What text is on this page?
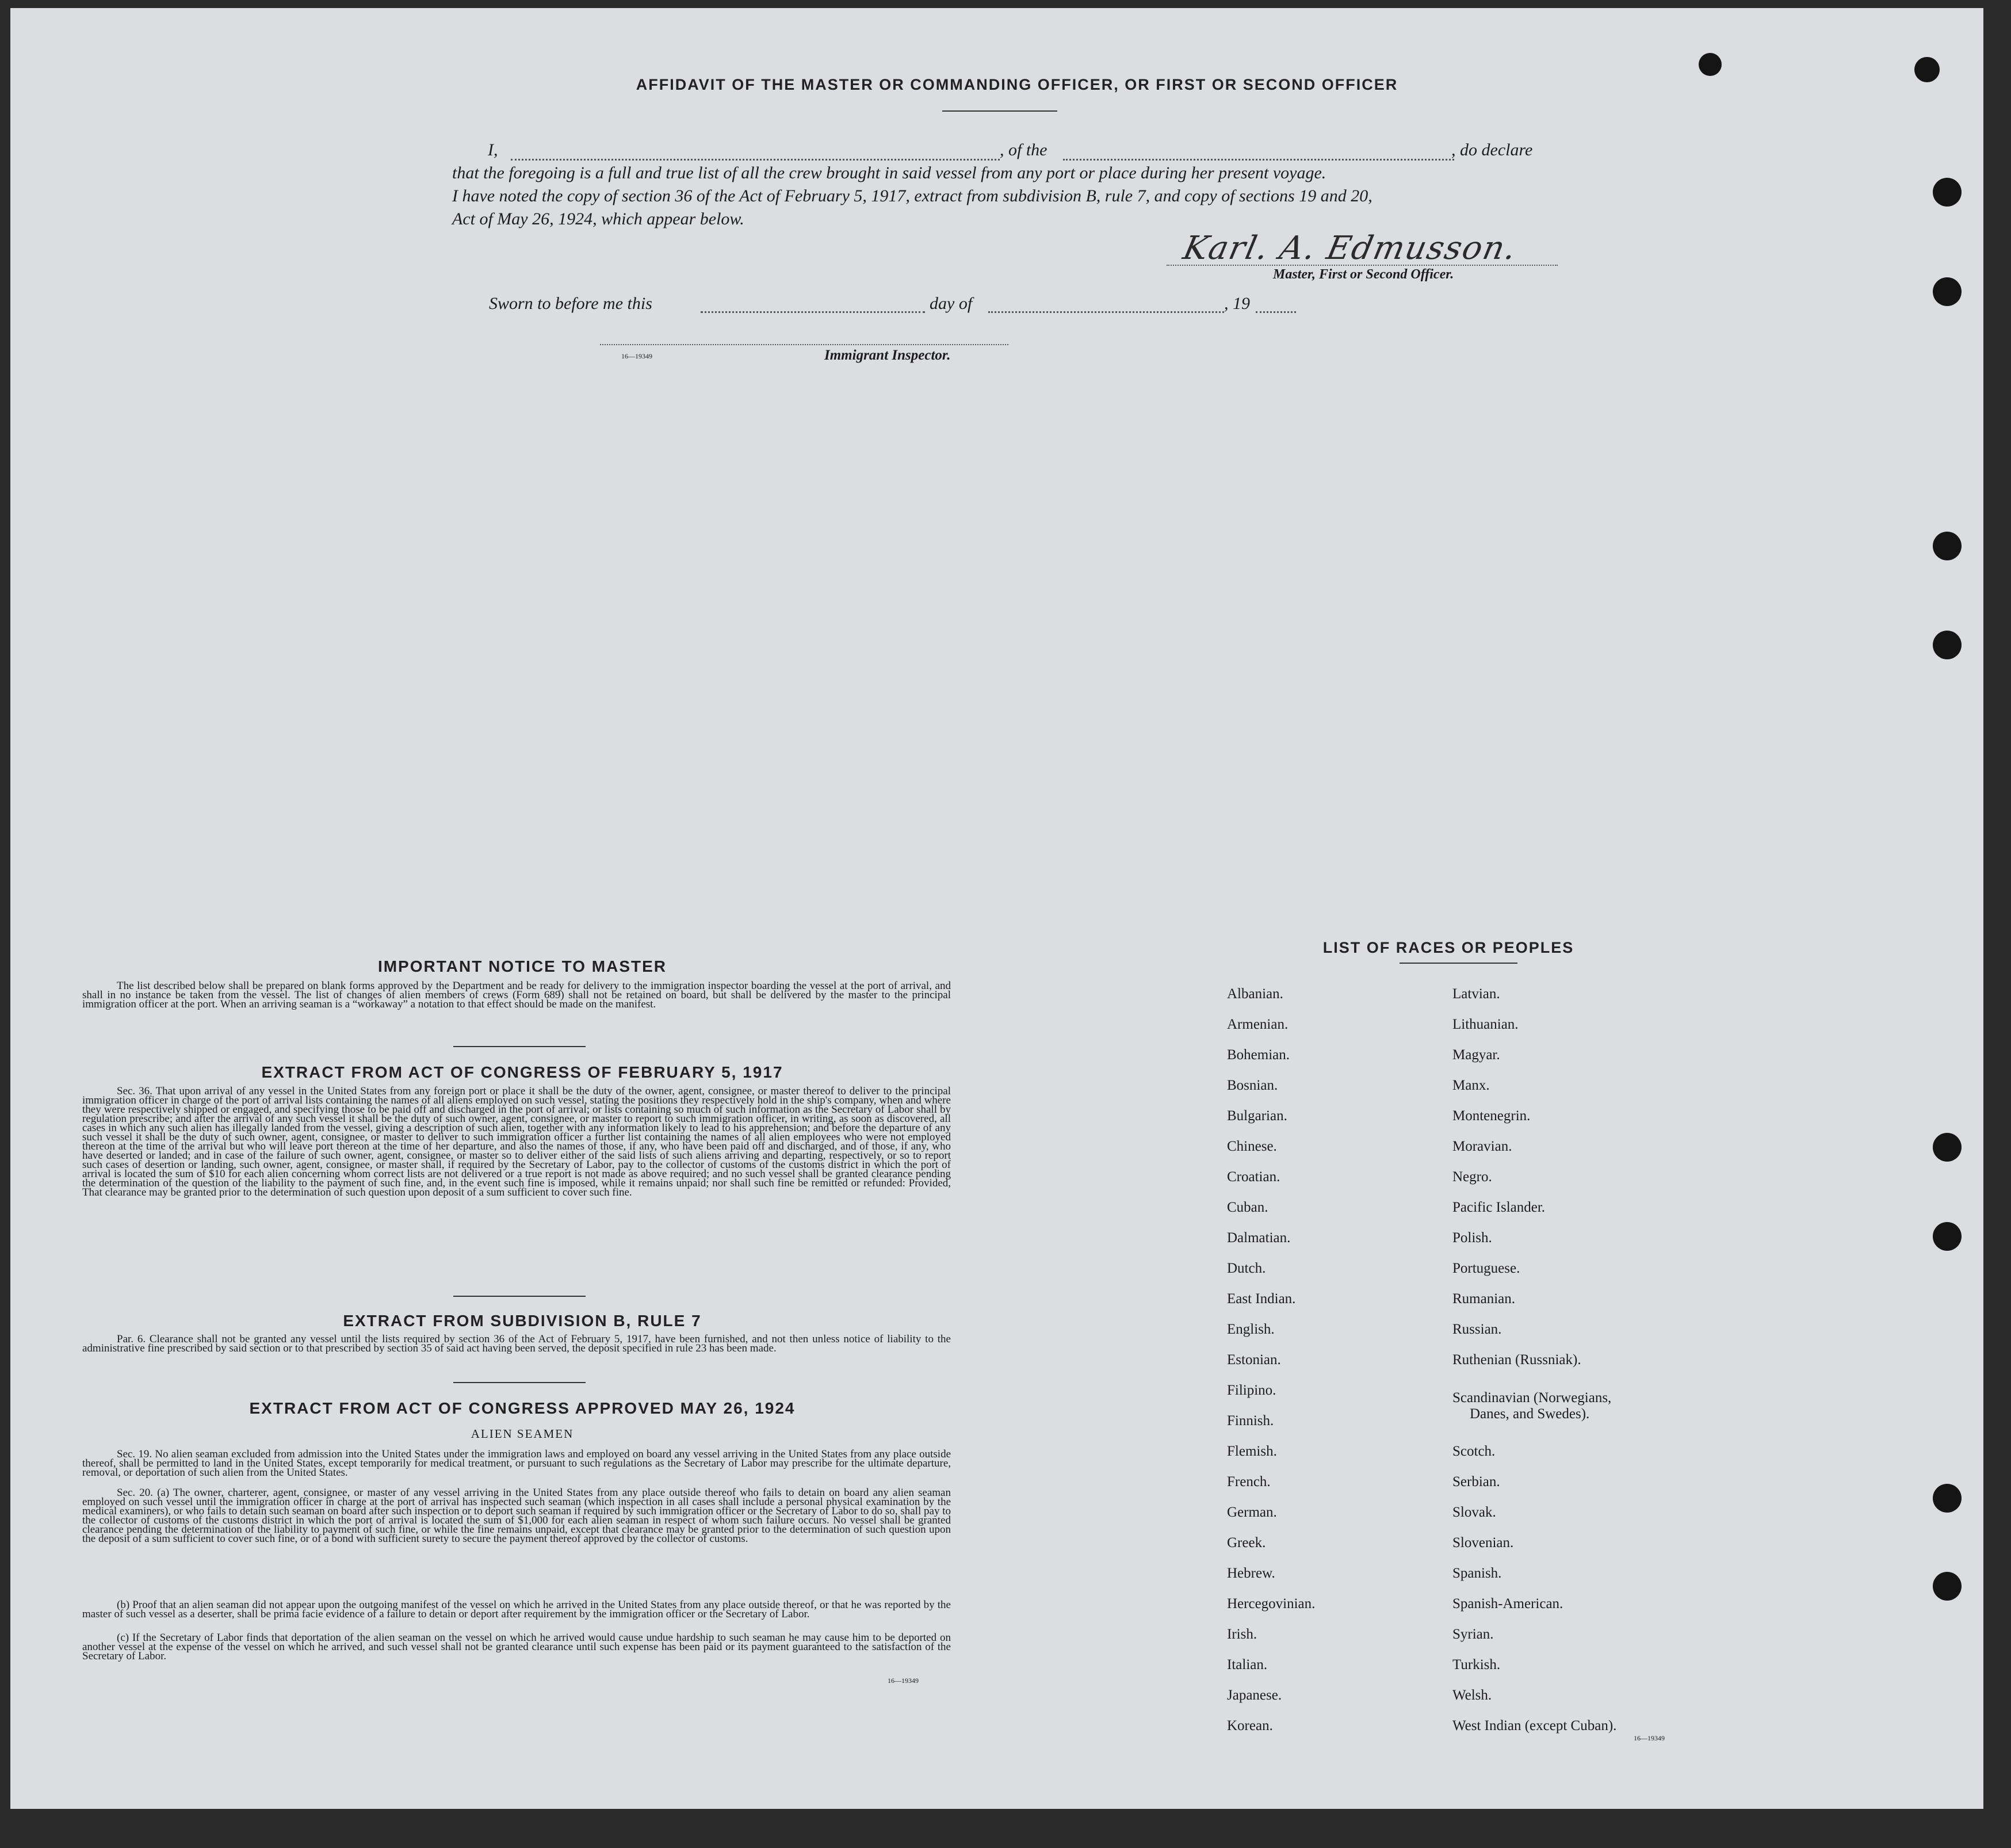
AFFIDAVIT OF THE MASTER OR COMMANDING OFFICER, OR FIRST OR SECOND OFFICER
I,	, of the	, do declare
that the foregoing is a full and true list of all the crew brought in said vessel from any port or place during her present voyage.
I have noted the copy of section 36 of the Act of February 5, 1917, extract from subdivision B, rule 7, and copy of sections 19 and 20,
Act of May 26, 1924, which appear below.
Karl. A. Edmusson.
Master, First or Second Officer.
Sworn to before me this	day of	, 19
16—19349	Immigrant Inspector.
IMPORTANT NOTICE TO MASTER
The list described below shall be prepared on blank forms approved by the Department and be ready for delivery to the immigration inspector boarding the vessel at the port of arrival, and shall in no instance be taken from the vessel. The list of changes of alien members of crews (Form 689) shall not be retained on board, but shall be delivered by the master to the principal immigration officer at the port. When an arriving seaman is a “workaway” a notation to that effect should be made on the manifest.
EXTRACT FROM ACT OF CONGRESS OF FEBRUARY 5, 1917
Sec. 36. That upon arrival of any vessel in the United States from any foreign port or place it shall be the duty of the owner, agent, consignee, or master thereof to deliver to the principal immigration officer in charge of the port of arrival lists containing the names of all aliens employed on such vessel, stating the positions they respectively hold in the ship's company, when and where they were respectively shipped or engaged, and specifying those to be paid off and discharged in the port of arrival; or lists containing so much of such information as the Secretary of Labor shall by regulation prescribe; and after the arrival of any such vessel it shall be the duty of such owner, agent, consignee, or master to report to such immigration officer, in writing, as soon as discovered, all cases in which any such alien has illegally landed from the vessel, giving a description of such alien, together with any information likely to lead to his apprehension; and before the departure of any such vessel it shall be the duty of such owner, agent, consignee, or master to deliver to such immigration officer a further list containing the names of all alien employees who were not employed thereon at the time of the arrival but who will leave port thereon at the time of her departure, and also the names of those, if any, who have been paid off and discharged, and of those, if any, who have deserted or landed; and in case of the failure of such owner, agent, consignee, or master so to deliver either of the said lists of such aliens arriving and departing, respectively, or so to report such cases of desertion or landing, such owner, agent, consignee, or master shall, if required by the Secretary of Labor, pay to the collector of customs of the customs district in which the port of arrival is located the sum of $10 for each alien concerning whom correct lists are not delivered or a true report is not made as above required; and no such vessel shall be granted clearance pending the determination of the question of the liability to the payment of such fine, and, in the event such fine is imposed, while it remains unpaid; nor shall such fine be remitted or refunded: Provided, That clearance may be granted prior to the determination of such question upon deposit of a sum sufficient to cover such fine.
EXTRACT FROM SUBDIVISION B, RULE 7
Par. 6. Clearance shall not be granted any vessel until the lists required by section 36 of the Act of February 5, 1917, have been furnished, and not then unless notice of liability to the administrative fine prescribed by said section or to that prescribed by section 35 of said act having been served, the deposit specified in rule 23 has been made.
EXTRACT FROM ACT OF CONGRESS APPROVED MAY 26, 1924
ALIEN SEAMEN
Sec. 19. No alien seaman excluded from admission into the United States under the immigration laws and employed on board any vessel arriving in the United States from any place outside thereof, shall be permitted to land in the United States, except temporarily for medical treatment, or pursuant to such regulations as the Secretary of Labor may prescribe for the ultimate departure, removal, or deportation of such alien from the United States.
Sec. 20. (a) The owner, charterer, agent, consignee, or master of any vessel arriving in the United States from any place outside thereof who fails to detain on board any alien seaman employed on such vessel until the immigration officer in charge at the port of arrival has inspected such seaman (which inspection in all cases shall include a personal physical examination by the medical examiners), or who fails to detain such seaman on board after such inspection or to deport such seaman if required by such immigration officer or the Secretary of Labor to do so, shall pay to the collector of customs of the customs district in which the port of arrival is located the sum of $1,000 for each alien seaman in respect of whom such failure occurs. No vessel shall be granted clearance pending the determination of the liability to payment of such fine, or while the fine remains unpaid, except that clearance may be granted prior to the determination of such question upon the deposit of a sum sufficient to cover such fine, or of a bond with sufficient surety to secure the payment thereof approved by the collector of customs.
(b) Proof that an alien seaman did not appear upon the outgoing manifest of the vessel on which he arrived in the United States from any place outside thereof, or that he was reported by the master of such vessel as a deserter, shall be prima facie evidence of a failure to detain or deport after requirement by the immigration officer or the Secretary of Labor.
(c) If the Secretary of Labor finds that deportation of the alien seaman on the vessel on which he arrived would cause undue hardship to such seaman he may cause him to be deported on another vessel at the expense of the vessel on which he arrived, and such vessel shall not be granted clearance until such expense has been paid or its payment guaranteed to the satisfaction of the Secretary of Labor.
16—19349
LIST OF RACES OR PEOPLES
Albanian.
Armenian.
Bohemian.
Bosnian.
Bulgarian.
Chinese.
Croatian.
Cuban.
Dalmatian.
Dutch.
East Indian.
English.
Estonian.
Filipino.
Finnish.
Flemish.
French.
German.
Greek.
Hebrew.
Hercegovinian.
Irish.
Italian.
Japanese.
Korean.
Latvian.
Lithuanian.
Magyar.
Manx.
Montenegrin.
Moravian.
Negro.
Pacific Islander.
Polish.
Portuguese.
Rumanian.
Russian.
Ruthenian (Russniak).
Scandinavian (Norwegians,
Danes, and Swedes).
Scotch.
Serbian.
Slovak.
Slovenian.
Spanish.
Spanish-American.
Syrian.
Turkish.
Welsh.
West Indian (except Cuban).
16—19349
